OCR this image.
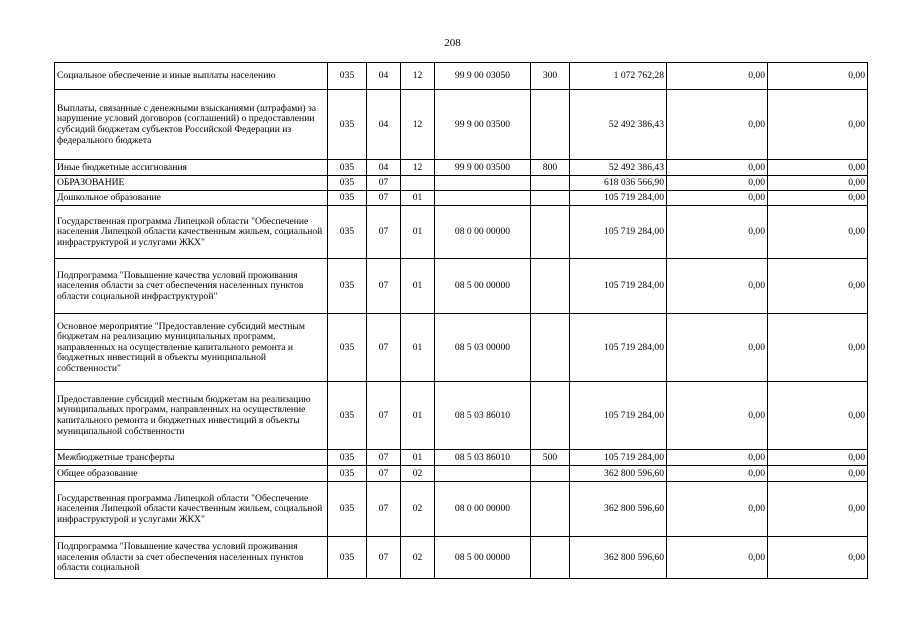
208
Социальное обеспечение и иные выплаты населению	035	04	12	99 9 00 03050	300	1 072 762,28	0,00	0,00
Выплаты, связанные с денежными взысканиями (штрафами) за нарушение условий договоров (соглашений) о предоставлении субсидий бюджетам субъектов Российской Федерации из федерального бюджета	035	04	12	99 9 00 03500		52 492 386,43	0,00	0,00
Иные бюджетные ассигнования	035	04	12	99 9 00 03500	800	52 492 386,43	0,00	0,00
ОБРАЗОВАНИЕ	035	07				618 036 566,90	0,00	0,00
Дошкольное образование	035	07	01			105 719 284,00	0,00	0,00
Государственная программа Липецкой области "Обеспечение населения Липецкой области качественным жильем, социальной инфраструктурой и услугами ЖКХ"	035	07	01	08 0 00 00000		105 719 284,00	0,00	0,00
Подпрограмма "Повышение качества условий проживания населения области за счет обеспечения населенных пунктов области социальной инфраструктурой"	035	07	01	08 5 00 00000		105 719 284,00	0,00	0,00
Основное мероприятие "Предоставление субсидий местным бюджетам на реализацию муниципальных программ, направленных на осуществление капитального ремонта и бюджетных инвестиций в объекты муниципальной собственности"	035	07	01	08 5 03 00000		105 719 284,00	0,00	0,00
Предоставление субсидий местным бюджетам на реализацию муниципальных программ, направленных на осуществление капитального ремонта и бюджетных инвестиций в объекты муниципальной собственности	035	07	01	08 5 03 86010		105 719 284,00	0,00	0,00
Межбюджетные трансферты	035	07	01	08 5 03 86010	500	105 719 284,00	0,00	0,00
Общее образование	035	07	02			362 800 596,60	0,00	0,00
Государственная программа Липецкой области "Обеспечение населения Липецкой области качественным жильем, социальной инфраструктурой и услугами ЖКХ"	035	07	02	08 0 00 00000		362 800 596,60	0,00	0,00
Подпрограмма "Повышение качества условий проживания населения области за счет обеспечения населенных пунктов области социальной	035	07	02	08 5 00 00000		362 800 596,60	0,00	0,00
